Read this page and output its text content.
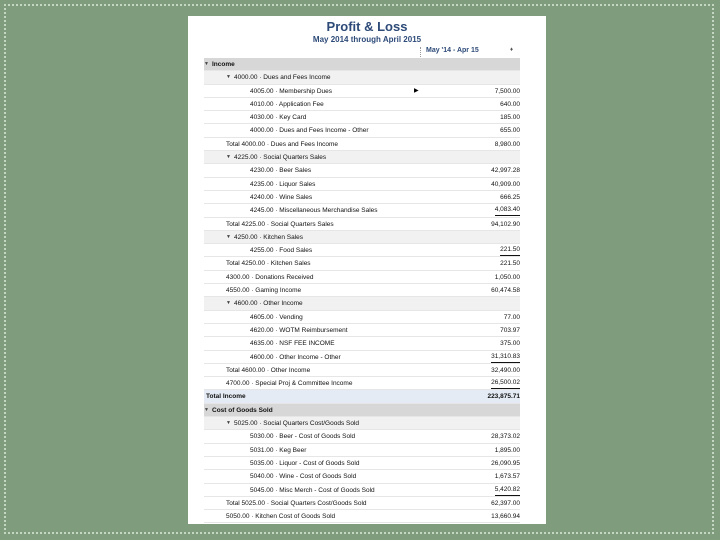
Profit & Loss
May 2014 through April 2015
May '14 - Apr 15	♦
▼ Income
▼ 4000.00 · Dues and Fees Income
4005.00 · Membership Dues	7,500.00
▶
4010.00 · Application Fee	640.00
4030.00 · Key Card	185.00
4000.00 · Dues and Fees Income - Other	655.00
Total 4000.00 · Dues and Fees Income	8,980.00
▼ 4225.00 · Social Quarters Sales
4230.00 · Beer Sales	42,997.28
4235.00 · Liquor Sales	40,909.00
4240.00 · Wine Sales	666.25
4245.00 · Miscellaneous Merchandise Sales	4,083.40
Total 4225.00 · Social Quarters Sales	94,102.90
▼ 4250.00 · Kitchen Sales
4255.00 · Food Sales	221.50
Total 4250.00 · Kitchen Sales	221.50
4300.00 · Donations Received	1,050.00
4550.00 · Gaming Income	60,474.58
▼ 4600.00 · Other Income
4605.00 · Vending	77.00
4620.00 · WOTM Reimbursement	703.97
4635.00 · NSF FEE INCOME	375.00
4600.00 · Other Income - Other	31,310.83
Total 4600.00 · Other Income	32,490.00
4700.00 · Special Proj & Committee Income	26,500.02
Total Income	223,875.71
▼ Cost of Goods Sold
▼ 5025.00 · Social Quarters Cost/Goods Sold
5030.00 · Beer - Cost of Goods Sold	28,373.02
5031.00 · Keg Beer	1,895.00
5035.00 · Liquor - Cost of Goods Sold	26,090.95
5040.00 · Wine - Cost of Goods Sold	1,673.57
5045.00 · Misc Merch - Cost of Goods Sold	5,420.82
Total 5025.00 · Social Quarters Cost/Goods Sold	62,397.00
5050.00 · Kitchen Cost of Goods Sold	13,660.94
